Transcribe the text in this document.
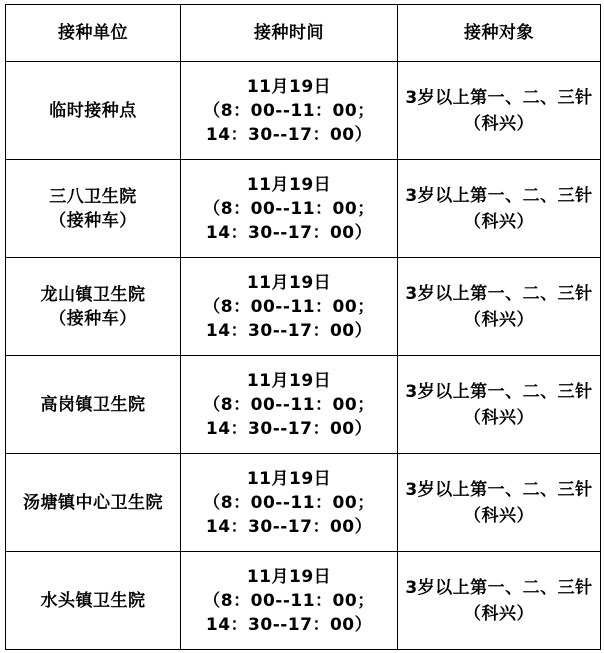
接种单位	接种时间	接种对象

临时接种点	11月19日
（8：00--11：00；
14：30--17：00）	3岁以上第一、二、三针（科兴）

三八卫生院
（接种车）	11月19日
（8：00--11：00；
14：30--17：00）	3岁以上第一、二、三针（科兴）

龙山镇卫生院
（接种车）	11月19日
（8：00--11：00；
14：30--17：00）	3岁以上第一、二、三针（科兴）

高岗镇卫生院	11月19日
（8：00--11：00；
14：30--17：00）	3岁以上第一、二、三针（科兴）

汤塘镇中心卫生院	11月19日
（8：00--11：00；
14：30--17：00）	3岁以上第一、二、三针（科兴）

水头镇卫生院	11月19日
（8：00--11：00；
14：30--17：00）	3岁以上第一、二、三针（科兴）
